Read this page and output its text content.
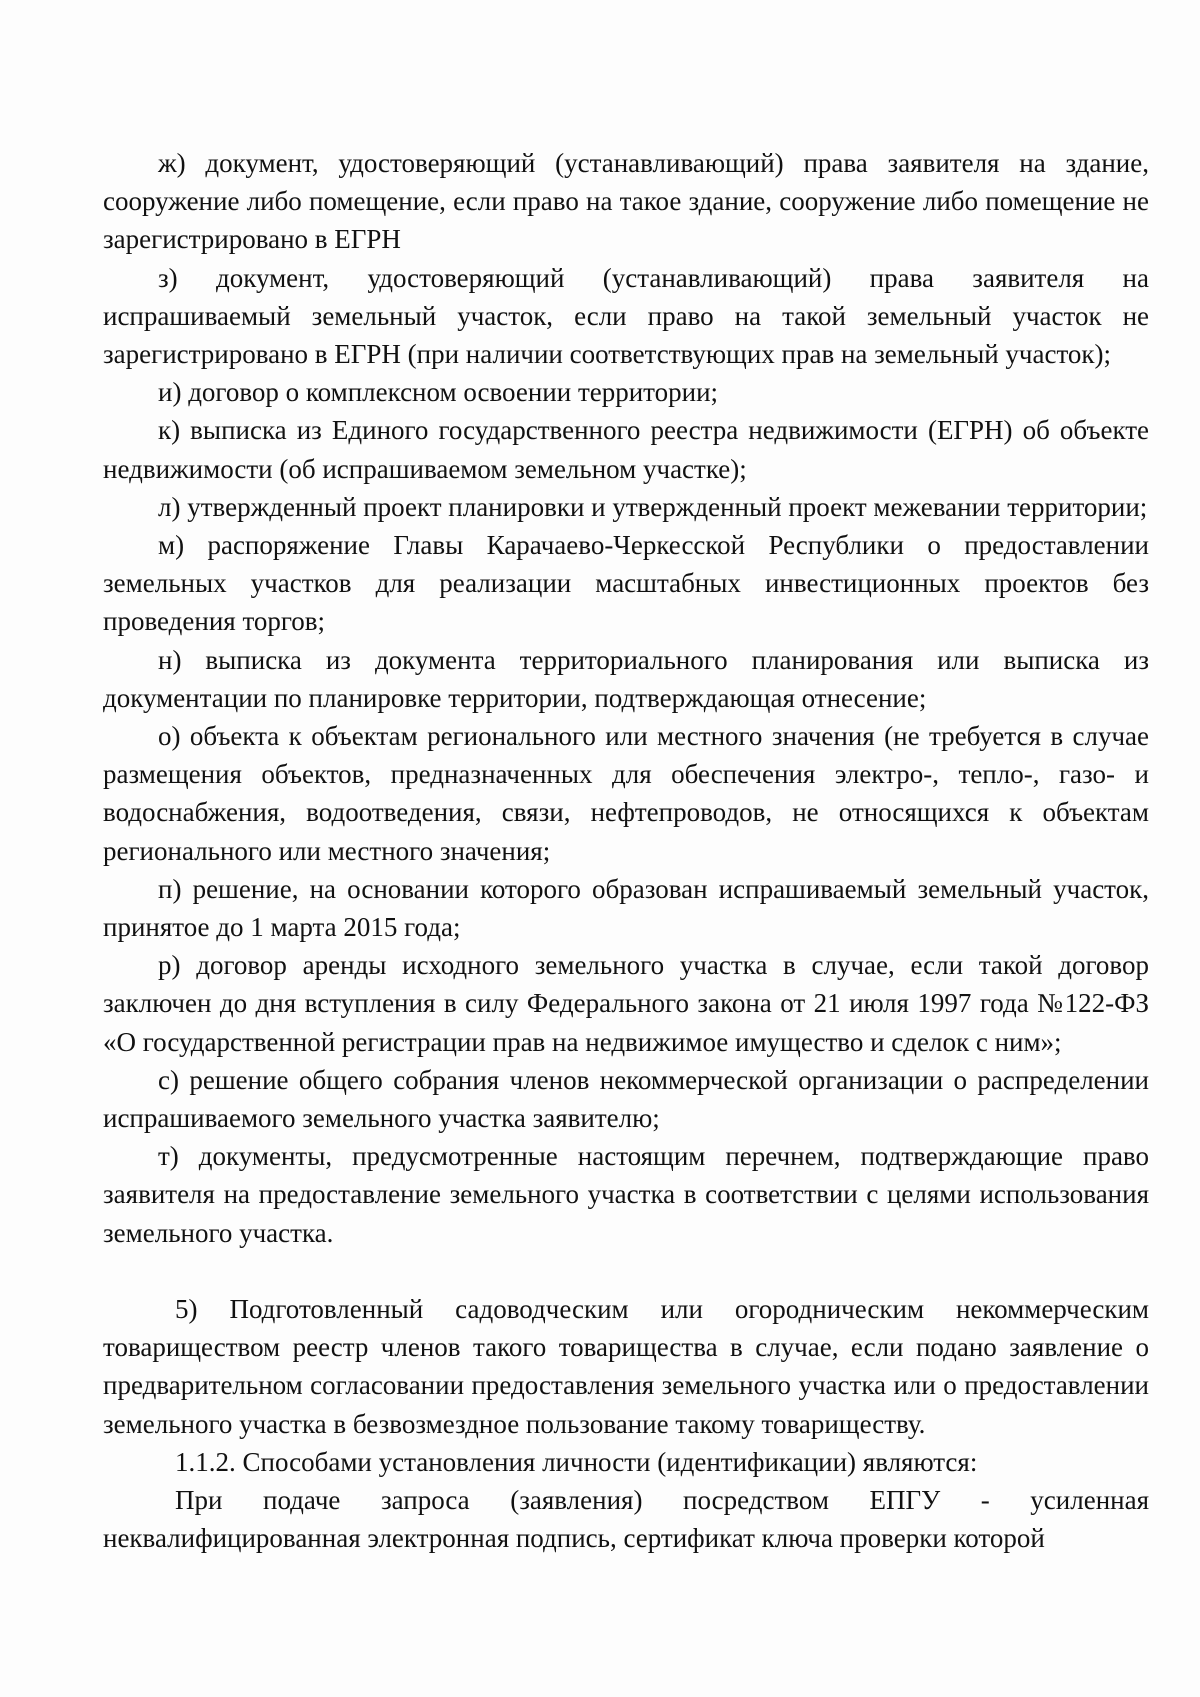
ж) документ, удостоверяющий (устанавливающий) права заявителя на здание, сооружение либо помещение, если право на такое здание, сооружение либо помещение не зарегистрировано в ЕГРН

з) документ, удостоверяющий (устанавливающий) права заявителя на испрашиваемый земельный участок, если право на такой земельный участок не зарегистрировано в ЕГРН (при наличии соответствующих прав на земельный участок);

и) договор о комплексном освоении территории;

к) выписка из Единого государственного реестра недвижимости (ЕГРН) об объекте недвижимости (об испрашиваемом земельном участке);

л) утвержденный проект планировки и утвержденный проект межевании территории;

м) распоряжение Главы Карачаево-Черкесской Республики о предоставлении земельных участков для реализации масштабных инвестиционных проектов без проведения торгов;

н) выписка из документа территориального планирования или выписка из документации по планировке территории, подтверждающая отнесение;

о) объекта к объектам регионального или местного значения (не требуется в случае размещения объектов, предназначенных для обеспечения электро-, тепло-, газо- и водоснабжения, водоотведения, связи, нефтепроводов, не относящихся к объектам регионального или местного значения;

п) решение, на основании которого образован испрашиваемый земельный участок, принятое до 1 марта 2015 года;

р) договор аренды исходного земельного участка в случае, если такой договор заключен до дня вступления в силу Федерального закона от 21 июля 1997 года №122-ФЗ «О государственной регистрации прав на недвижимое имущество и сделок с ним»;

с) решение общего собрания членов некоммерческой организации о распределении испрашиваемого земельного участка заявителю;

т) документы, предусмотренные настоящим перечнем, подтверждающие право заявителя на предоставление земельного участка в соответствии с целями использования земельного участка.

5) Подготовленный садоводческим или огородническим некоммерческим товариществом реестр членов такого товарищества в случае, если подано заявление о предварительном согласовании предоставления земельного участка или о предоставлении земельного участка в безвозмездное пользование такому товариществу.

1.1.2. Способами установления личности (идентификации) являются:

При подаче запроса (заявления) посредством ЕПГУ - усиленная неквалифицированная электронная подпись, сертификат ключа проверки которой
